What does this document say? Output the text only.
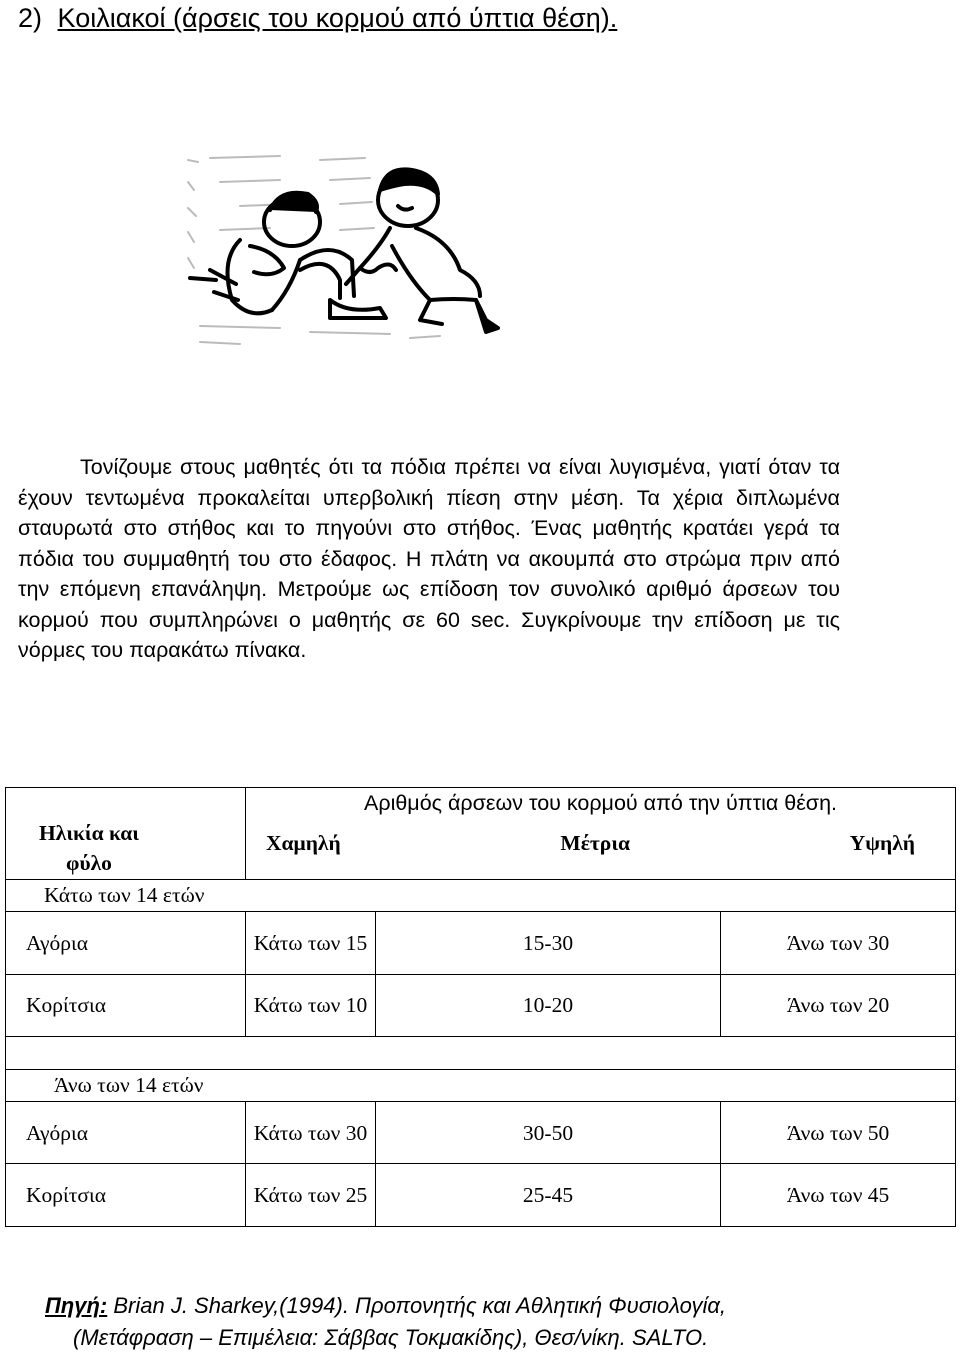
2) Κοιλιακοί (άρσεις του κορμού από ύπτια θέση).
Τονίζουμε στους μαθητές ότι τα πόδια πρέπει να είναι λυγισμένα, γιατί όταν τα έχουν τεντωμένα προκαλείται υπερβολική πίεση στην μέση. Τα χέρια διπλωμένα σταυρωτά στο στήθος και το πηγούνι στο στήθος. Ένας μαθητής κρατάει γερά τα πόδια του συμμαθητή του στο έδαφος. Η πλάτη να ακουμπά στο στρώμα πριν από την επόμενη επανάληψη. Μετρούμε ως επίδοση τον συνολικό αριθμό άρσεων του κορμού που συμπληρώνει ο μαθητής σε 60 sec. Συγκρίνουμε την επίδοση με τις νόρμες του παρακάτω πίνακα.
Ηλικία και φύλο	Αριθμός άρσεων του κορμού από την ύπτια θέση.
Χαμηλή Μέτρια Υψηλή		

Κάτω των 14 ετών			
Αγόρια	Κάτω των 15	15-30	Άνω των 30
Κορίτσια	Κάτω των 10	10-20	Άνω των 20

Άνω των 14 ετών			
Αγόρια	Κάτω των 30	30-50	Άνω των 50
Κορίτσια	Κάτω των 25	25-45	Άνω των 45
Πηγή: Brian J. Sharkey,(1994). Προπονητής και Αθλητική Φυσιολογία,
(Μετάφραση – Επιμέλεια: Σάββας Τοκμακίδης), Θεσ/νίκη. SALTO.
